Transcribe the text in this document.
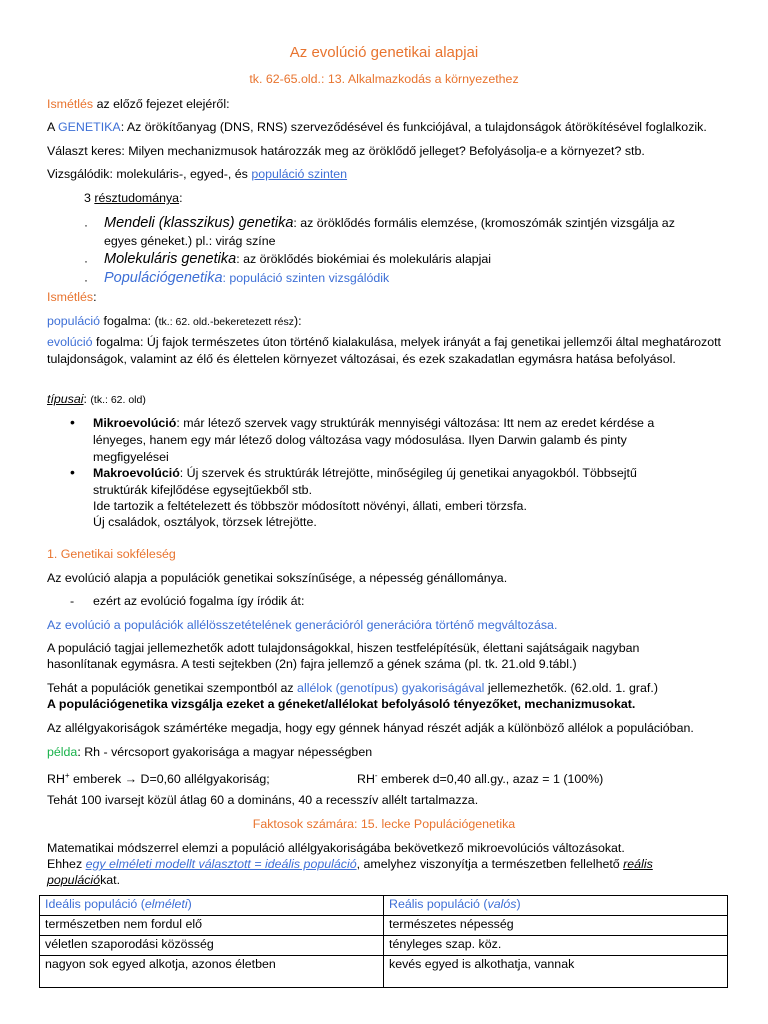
Az evolúció genetikai alapjai
tk. 62-65.old.: 13. Alkalmazkodás a környezethez
Ismétlés az előző fejezet elejéről:
A GENETIKA: Az örökítőanyag (DNS, RNS) szerveződésével és funkciójával, a tulajdonságok átörökítésével foglalkozik.
Választ keres: Milyen mechanizmusok határozzák meg az öröklődő jelleget? Befolyásolja-e a környezet? stb.
Vizsgálódik: molekuláris-, egyed-, és populáció szinten
3 résztudománya:
· Mendeli (klasszikus) genetika: az öröklődés formális elemzése, (kromoszómák szintjén vizsgálja az
egyes géneket.) pl.: virág színe
· Molekuláris genetika: az öröklődés biokémiai és molekuláris alapjai
· Populációgenetika: populáció szinten vizsgálódik
Ismétlés:
populáció fogalma: (tk.: 62. old.-bekeretezett rész):
evolúció fogalma: Új fajok természetes úton történő kialakulása, melyek irányát a faj genetikai jellemzői által meghatározott tulajdonságok, valamint az élő és élettelen környezet változásai, és ezek szakadatlan egymásra hatása befolyásol.
típusai: (tk.: 62. old)
• Mikroevolúció: már létező szervek vagy struktúrák mennyiségi változása: Itt nem az eredet kérdése a
lényeges, hanem egy már létező dolog változása vagy módosulása. Ilyen Darwin galamb és pinty
megfigyelései
• Makroevolúció: Új szervek és struktúrák létrejötte, minőségileg új genetikai anyagokból. Többsejtű
struktúrák kifejlődése egysejtűekből stb.
Ide tartozik a feltételezett és többször módosított növényi, állati, emberi törzsfa.
Új családok, osztályok, törzsek létrejötte.
1. Genetikai sokféleség
Az evolúció alapja a populációk genetikai sokszínűsége, a népesség génállománya.
-	ezért az evolúció fogalma így íródik át:
Az evolúció a populációk allélösszetételének generációról generációra történő megváltozása.
A populáció tagjai jellemezhetők adott tulajdonságokkal, hiszen testfelépítésük, élettani sajátságaik nagyban
hasonlítanak egymásra. A testi sejtekben (2n) fajra jellemző a gének száma (pl. tk. 21.old 9.tábl.)
Tehát a populációk genetikai szempontból az allélok (genotípus) gyakoriságával jellemezhetők. (62.old. 1. graf.)
A populációgenetika vizsgálja ezeket a géneket/allélokat befolyásoló tényezőket, mechanizmusokat.
Az allélgyakoriságok számértéke megadja, hogy egy génnek hányad részét adják a különböző allélok a populációban.
példa: Rh - vércsoport gyakorisága a magyar népességben
RH+ emberek → D=0,60 allélgyakoriság;	RH- emberek d=0,40 all.gy., azaz = 1 (100%)
Tehát 100 ivarsejt közül átlag 60 a domináns, 40 a recesszív allélt tartalmazza.
Faktosok számára: 15. lecke Populációgenetika
Matematikai módszerrel elemzi a populáció allélgyakoriságába bekövetkező mikroevolúciós változásokat.
Ehhez egy elméleti modellt választott = ideális populáció, amelyhez viszonyítja a természetben fellelhető reális
populációkat.
Ideális populáció (elméleti)	Reális populáció (valós)
természetben nem fordul elő	természetes népesség
véletlen szaporodási közösség	tényleges szap. köz.
nagyon sok egyed alkotja, azonos életben	kevés egyed is alkothatja, vannak
